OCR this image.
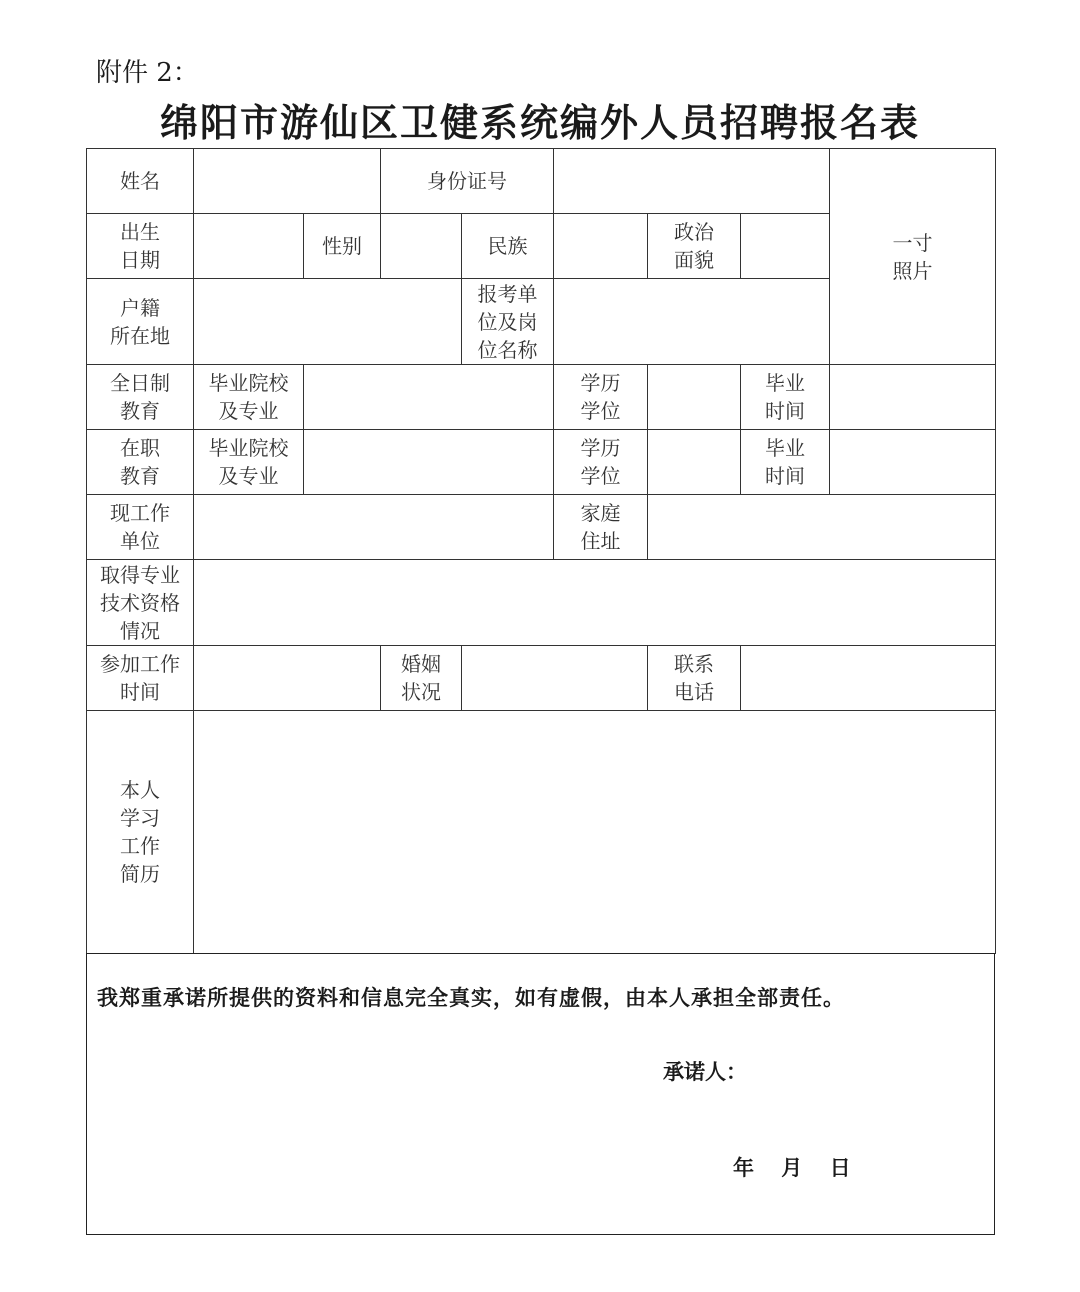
附件 2：
绵阳市游仙区卫健系统编外人员招聘报名表
姓名	身份证号
一寸
照片
出生
日期
性别	民族
政治
面貌
户籍
所在地
报考单
位及岗
位名称
全日制
教育
毕业院校
及专业
学历
学位
毕业
时间
在职
教育
毕业院校
及专业
学历
学位
毕业
时间
现工作
单位
家庭
住址
取得专业
技术资格
情况
参加工作
时间
婚姻
状况
联系
电话
本人
学习
工作
简历
我郑重承诺所提供的资料和信息完全真实，如有虚假，由本人承担全部责任。
承诺人：
年 月 日
